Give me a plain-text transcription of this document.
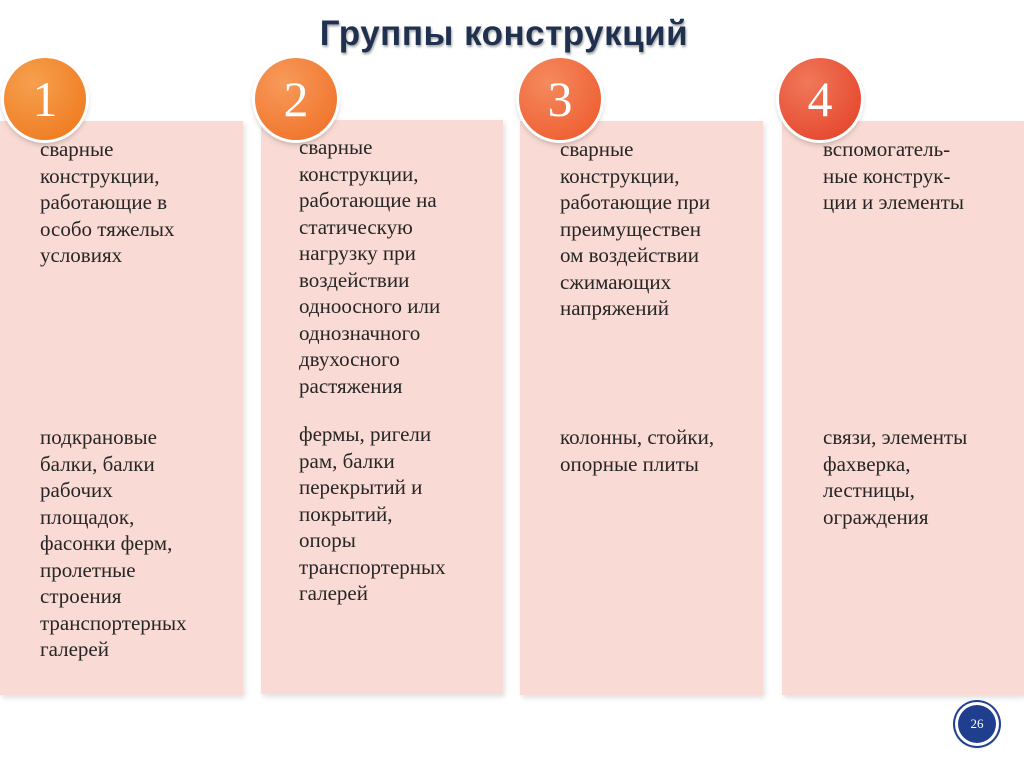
Группы конструкций
сварные
конструкции,
работающие в
особо тяжелых
условиях
подкрановые
балки, балки
рабочих
площадок,
фасонки ферм,
пролетные
строения
транспортерных
галерей
1
сварные
конструкции,
работающие на
статическую
нагрузку при
воздействии
одноосного или
однозначного
двухосного
растяжения
фермы, ригели
рам, балки
перекрытий и
покрытий,
опоры
транспортерных
галерей
2
сварные
конструкции,
работающие при
преимуществен
ом воздействии
сжимающих
напряжений
колонны, стойки,
опорные плиты
3
вспомогатель-
ные конструк-
ции и элементы
связи, элементы
фахверка,
лестницы,
ограждения
4
26
